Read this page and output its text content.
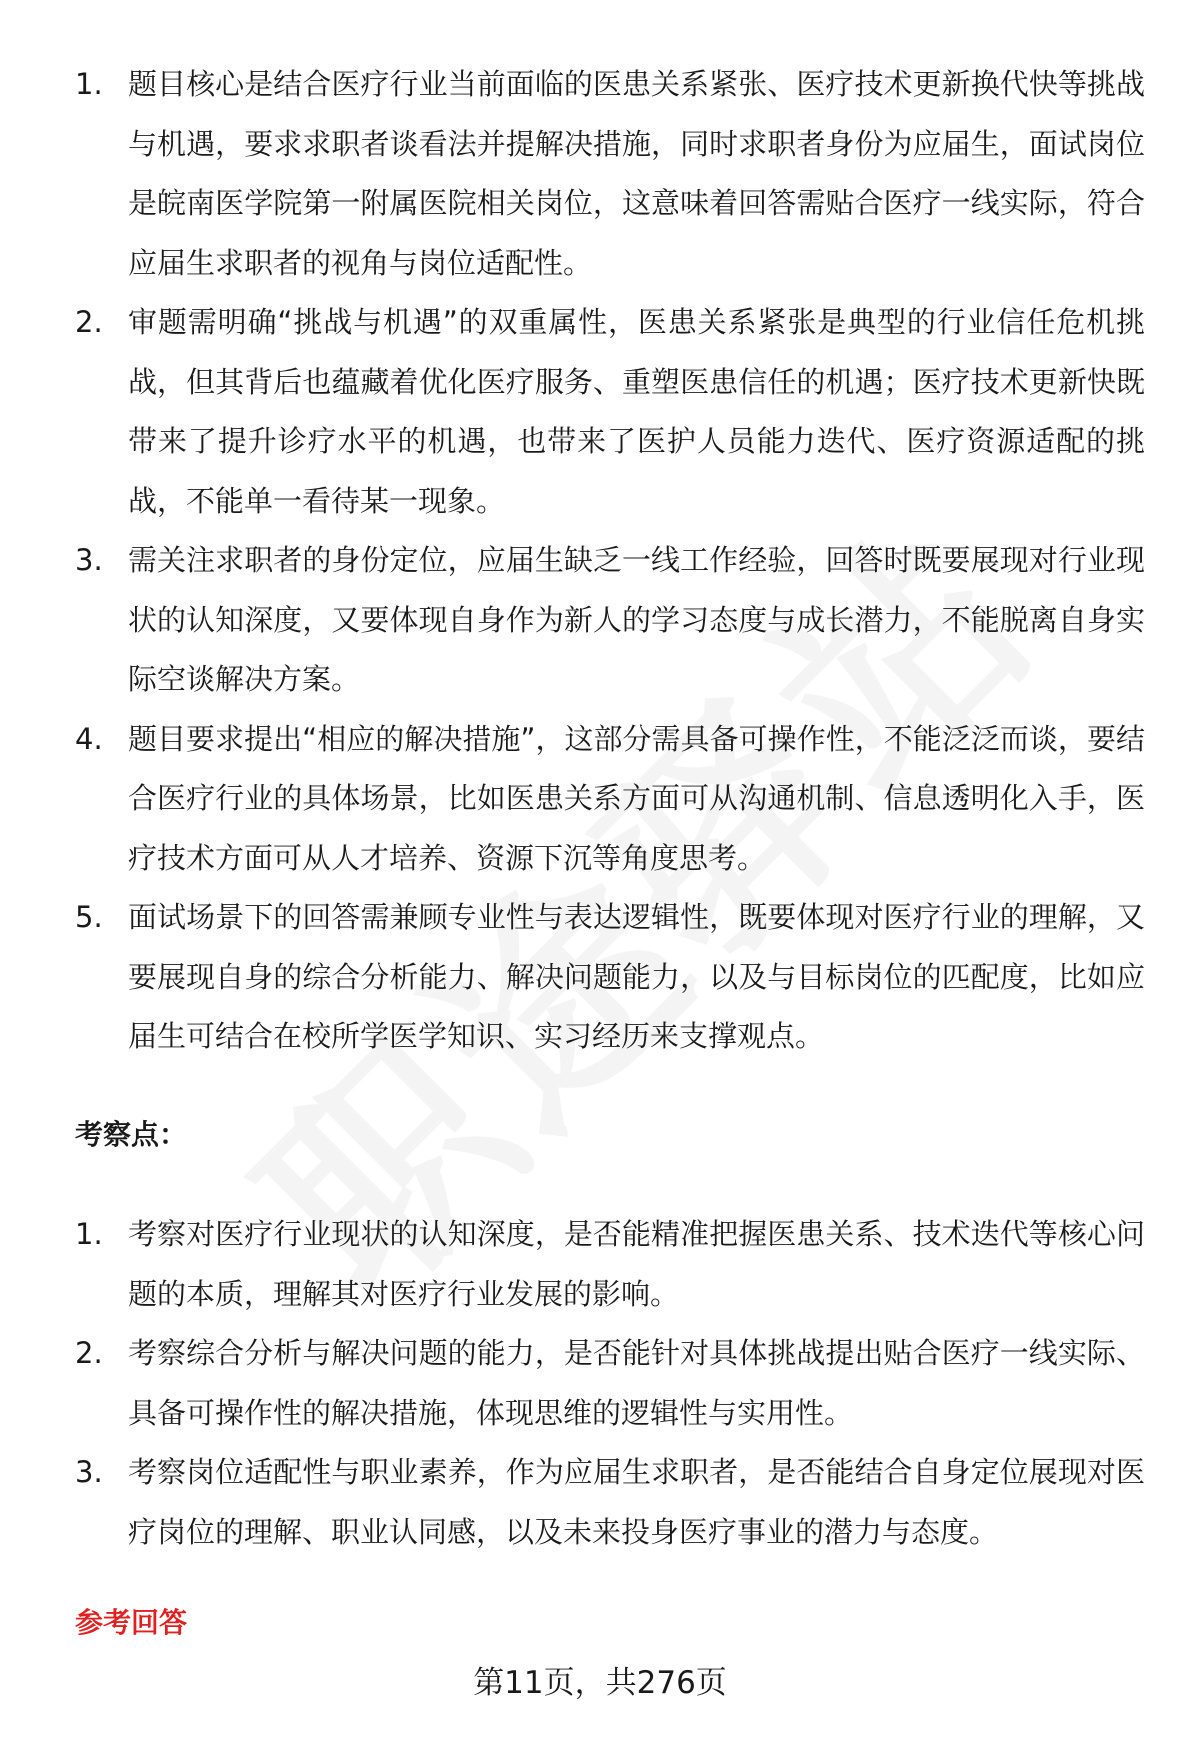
1. 题目核心是结合医疗行业当前面临的医患关系紧张、医疗技术更新换代快等挑战与机遇，要求求职者谈看法并提解决措施，同时求职者身份为应届生，面试岗位是皖南医学院第一附属医院相关岗位，这意味着回答需贴合医疗一线实际，符合应届生求职者的视角与岗位适配性。
2. 审题需明确“挑战与机遇”的双重属性，医患关系紧张是典型的行业信任危机挑战，但其背后也蕴藏着优化医疗服务、重塑医患信任的机遇；医疗技术更新快既带来了提升诊疗水平的机遇，也带来了医护人员能力迭代、医疗资源适配的挑战，不能单一看待某一现象。
3. 需关注求职者的身份定位，应届生缺乏一线工作经验，回答时既要展现对行业现状的认知深度，又要体现自身作为新人的学习态度与成长潜力，不能脱离自身实际空谈解决方案。
4. 题目要求提出“相应的解决措施”，这部分需具备可操作性，不能泛泛而谈，要结合医疗行业的具体场景，比如医患关系方面可从沟通机制、信息透明化入手，医疗技术方面可从人才培养、资源下沉等角度思考。
5. 面试场景下的回答需兼顾专业性与表达逻辑性，既要体现对医疗行业的理解，又要展现自身的综合分析能力、解决问题能力，以及与目标岗位的匹配度，比如应届生可结合在校所学医学知识、实习经历来支撑观点。
考察点：
1. 考察对医疗行业现状的认知深度，是否能精准把握医患关系、技术迭代等核心问题的本质，理解其对医疗行业发展的影响。
2. 考察综合分析与解决问题的能力，是否能针对具体挑战提出贴合医疗一线实际、具备可操作性的解决措施，体现思维的逻辑性与实用性。
3. 考察岗位适配性与职业素养，作为应届生求职者，是否能结合自身定位展现对医疗岗位的理解、职业认同感，以及未来投身医疗事业的潜力与态度。
参考回答
第11页，共276页
